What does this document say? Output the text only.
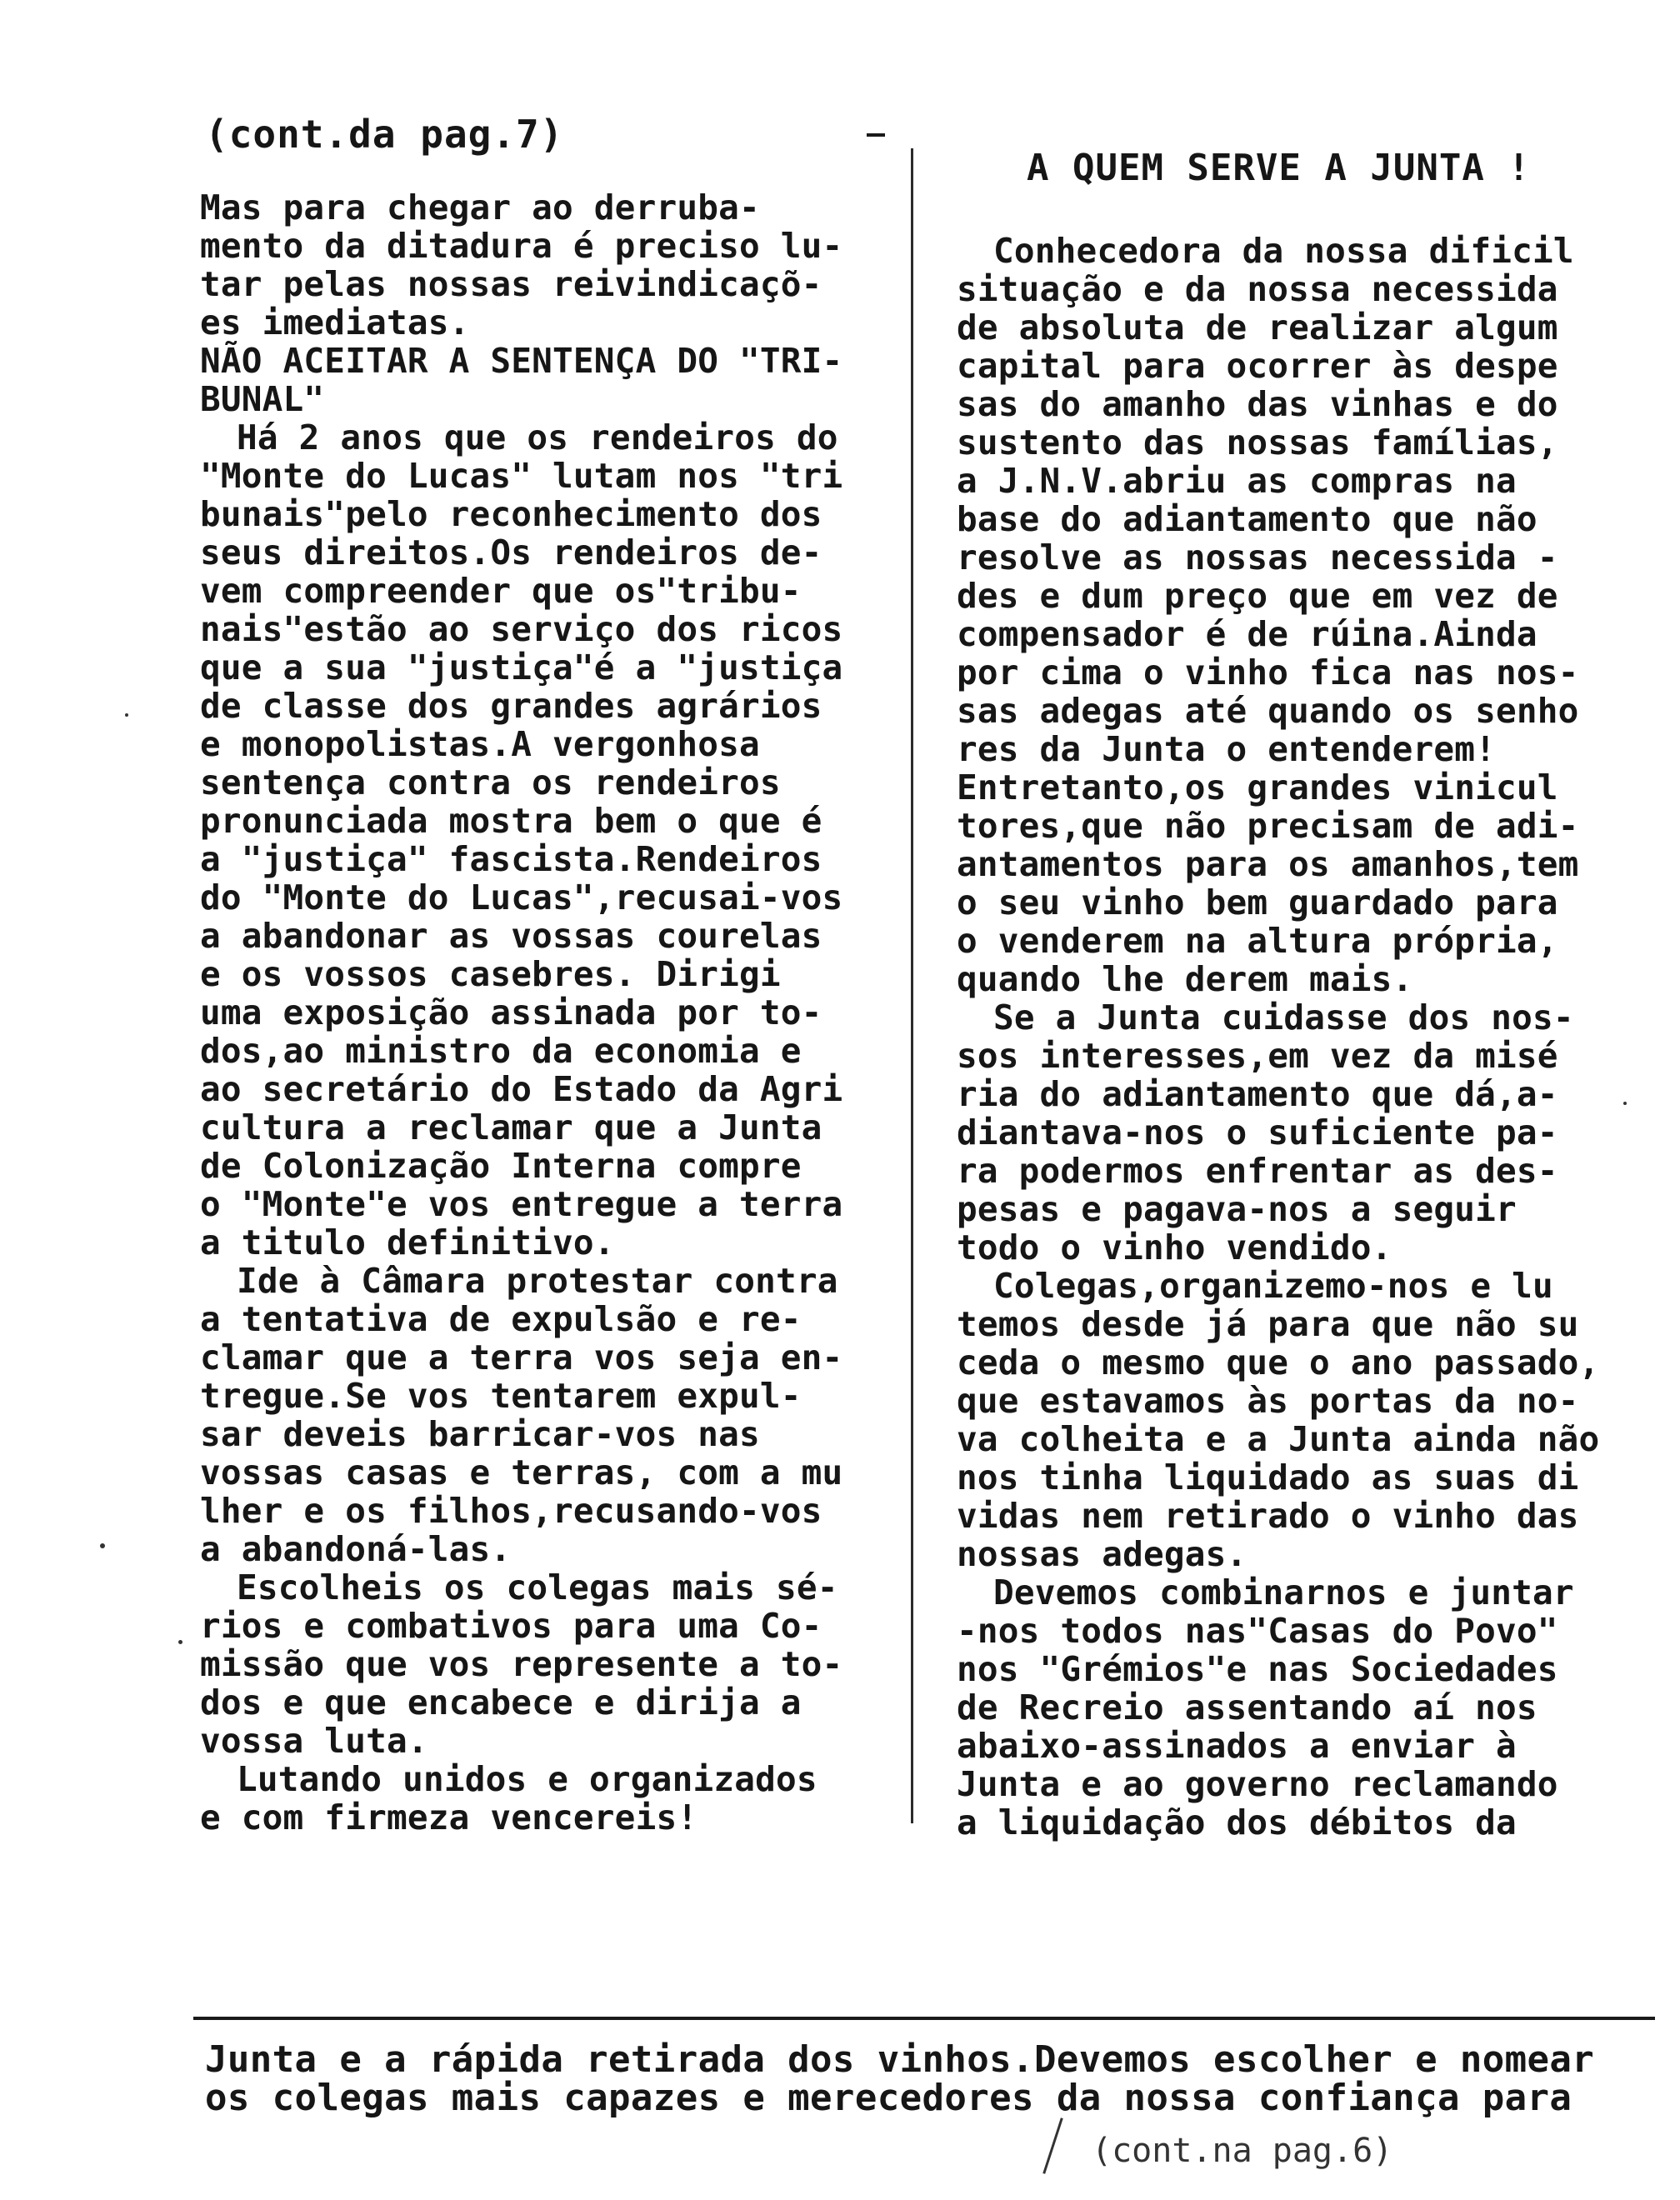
(cont.da pag.7)
A QUEM SERVE A JUNTA !
Mas para chegar ao derruba-
mento da ditadura é preciso lu-
tar pelas nossas reivindicaçõ-
es imediatas.
NÃO ACEITAR A SENTENÇA DO "TRI-
BUNAL"
Há 2 anos que os rendeiros do
"Monte do Lucas" lutam nos "tri
bunais"pelo reconhecimento dos
seus direitos.Os rendeiros de-
vem compreender que os"tribu-
nais"estão ao serviço dos ricos
que a sua "justiça"é a "justiça
de classe dos grandes agrários
e monopolistas.A vergonhosa
sentença contra os rendeiros
pronunciada mostra bem o que é
a "justiça" fascista.Rendeiros
do "Monte do Lucas",recusai-vos
a abandonar as vossas courelas
e os vossos casebres. Dirigi
uma exposição assinada por to-
dos,ao ministro da economia e
ao secretário do Estado da Agri
cultura a reclamar que a Junta
de Colonização Interna compre
o "Monte"e vos entregue a terra
a titulo definitivo.
Ide à Câmara protestar contra
a tentativa de expulsão e re-
clamar que a terra vos seja en-
tregue.Se vos tentarem expul-
sar deveis barricar-vos nas
vossas casas e terras, com a mu
lher e os filhos,recusando-vos
a abandoná-las.
Escolheis os colegas mais sé-
rios e combativos para uma Co-
missão que vos represente a to-
dos e que encabece e dirija a
vossa luta.
Lutando unidos e organizados
e com firmeza vencereis!
Conhecedora da nossa dificil
situação e da nossa necessida
de absoluta de realizar algum
capital para ocorrer às despe
sas do amanho das vinhas e do
sustento das nossas famílias,
a J.N.V.abriu as compras na
base do adiantamento que não
resolve as nossas necessida -
des e dum preço que em vez de
compensador é de rúina.Ainda
por cima o vinho fica nas nos-
sas adegas até quando os senho
res da Junta o entenderem!
Entretanto,os grandes vinicul
tores,que não precisam de adi-
antamentos para os amanhos,tem
o seu vinho bem guardado para
o venderem na altura própria,
quando lhe derem mais.
Se a Junta cuidasse dos nos-
sos interesses,em vez da misé
ria do adiantamento que dá,a-
diantava-nos o suficiente pa-
ra podermos enfrentar as des-
pesas e pagava-nos a seguir
todo o vinho vendido.
Colegas,organizemo-nos e lu
temos desde já para que não su
ceda o mesmo que o ano passado,
que estavamos às portas da no-
va colheita e a Junta ainda não
nos tinha liquidado as suas di
vidas nem retirado o vinho das
nossas adegas.
Devemos combinarnos e juntar
-nos todos nas"Casas do Povo"
nos "Grémios"e nas Sociedades
de Recreio assentando aí nos
abaixo-assinados a enviar à
Junta e ao governo reclamando
a liquidação dos débitos da
Junta e a rápida retirada dos vinhos.Devemos escolher e nomear
os colegas mais capazes e merecedores da nossa confiança para
(cont.na pag.6)
